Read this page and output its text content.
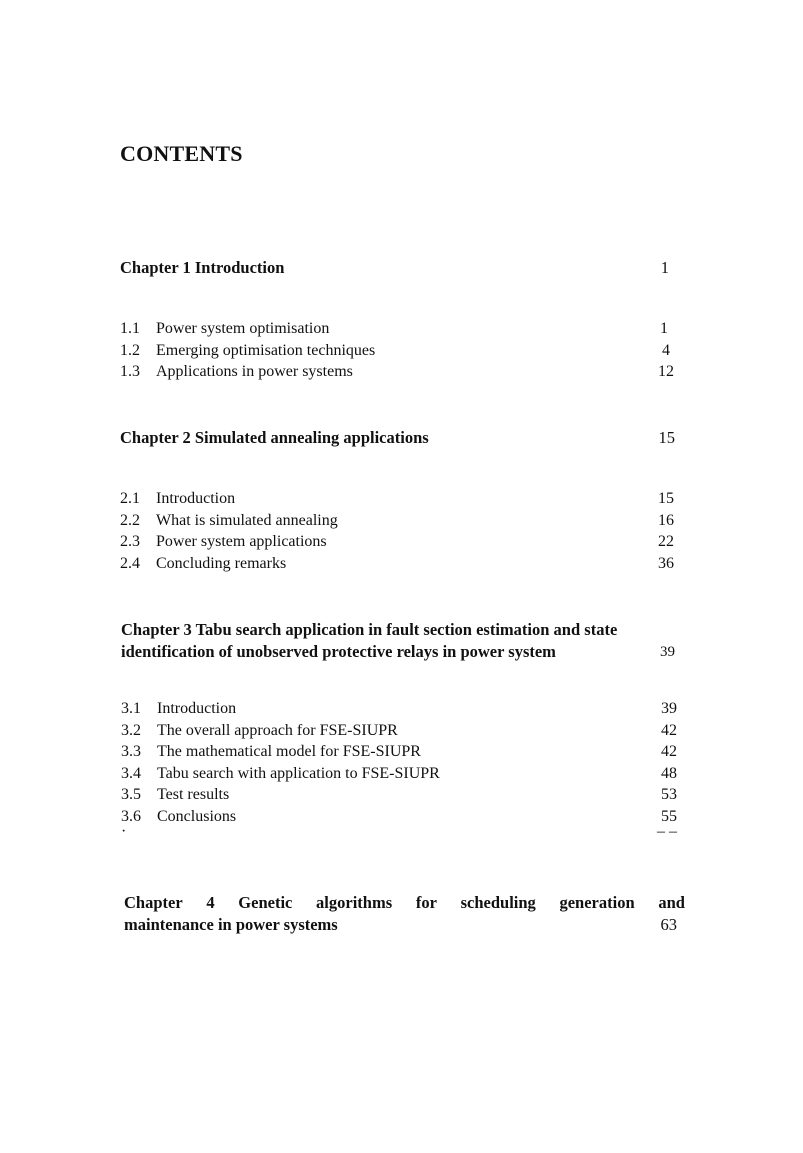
CONTENTS
Chapter 1 Introduction	1
1.1	Power system optimisation	1
1.2	Emerging optimisation techniques	4
1.3	Applications in power systems	12
Chapter 2 Simulated annealing applications	15
2.1	Introduction	15
2.2	What is simulated annealing	16
2.3	Power system applications	22
2.4	Concluding remarks	36
Chapter 3 Tabu search application in fault section estimation and state
identification of unobserved protective relays in power system	39
3.1	Introduction	39
3.2	The overall approach for FSE-SIUPR	42
3.3	The mathematical model for FSE-SIUPR	42
3.4	Tabu search with application to FSE-SIUPR	48
3.5	Test results	53
3.6	Conclusions	55
·	– –
Chapter 4 Genetic algorithms for scheduling generation and
maintenance in power systems	63
